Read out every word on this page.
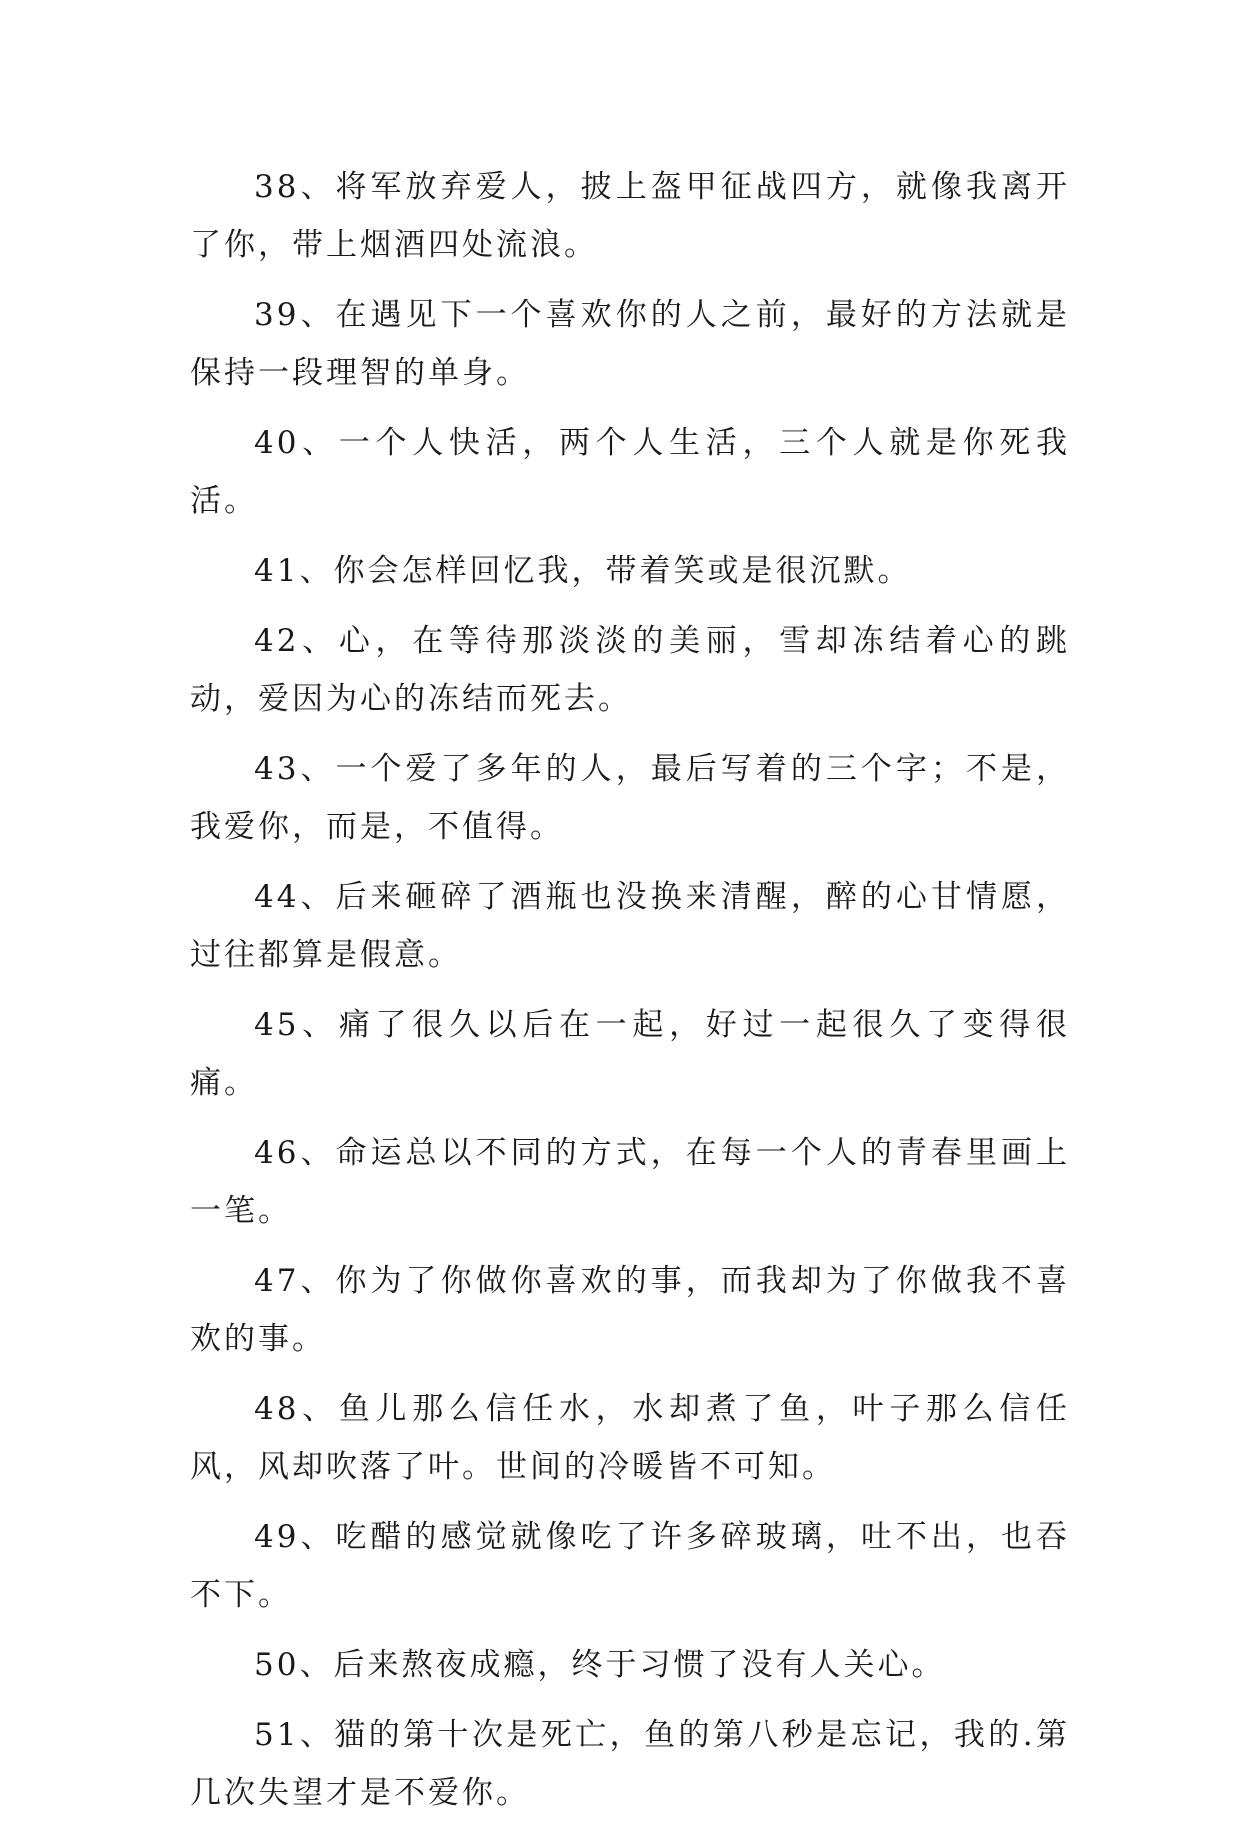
38、将军放弃爱人，披上盔甲征战四方，就像我离开了你，带上烟酒四处流浪。

39、在遇见下一个喜欢你的人之前，最好的方法就是保持一段理智的单身。

40、一个人快活，两个人生活，三个人就是你死我活。

41、你会怎样回忆我，带着笑或是很沉默。

42、心，在等待那淡淡的美丽，雪却冻结着心的跳动，爱因为心的冻结而死去。

43、一个爱了多年的人，最后写着的三个字；不是，我爱你，而是，不值得。

44、后来砸碎了酒瓶也没换来清醒，醉的心甘情愿，过往都算是假意。

45、痛了很久以后在一起，好过一起很久了变得很痛。

46、命运总以不同的方式，在每一个人的青春里画上一笔。

47、你为了你做你喜欢的事，而我却为了你做我不喜欢的事。

48、鱼儿那么信任水，水却煮了鱼，叶子那么信任风，风却吹落了叶。世间的冷暖皆不可知。

49、吃醋的感觉就像吃了许多碎玻璃，吐不出，也吞不下。

50、后来熬夜成瘾，终于习惯了没有人关心。

51、猫的第十次是死亡，鱼的第八秒是忘记，我的.第几次失望才是不爱你。
